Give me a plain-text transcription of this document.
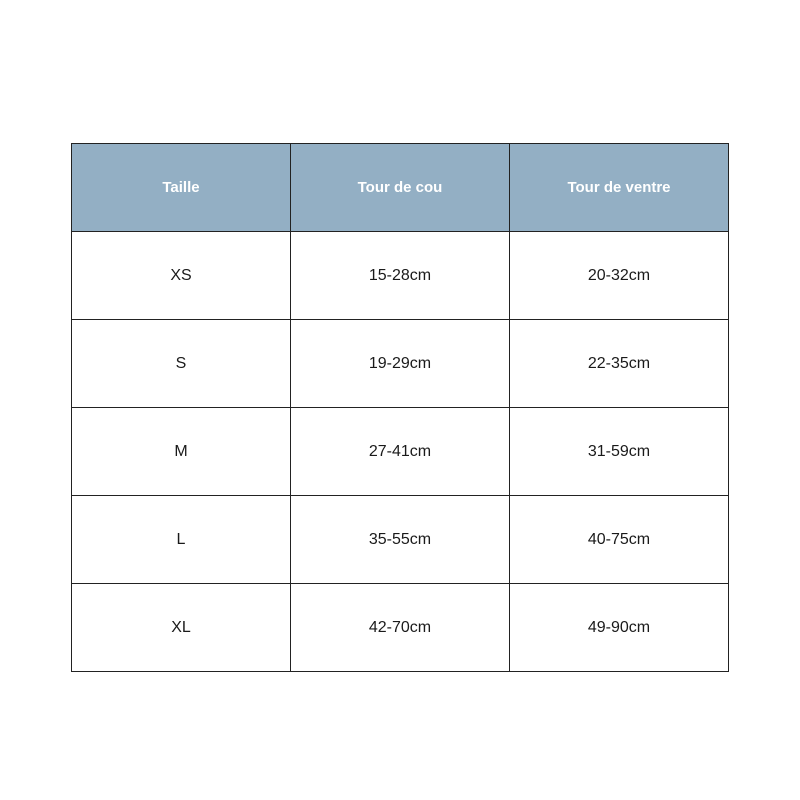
Taille	Tour de cou	Tour de ventre
XS	15-28cm	20-32cm
S	19-29cm	22-35cm
M	27-41cm	31-59cm
L	35-55cm	40-75cm
XL	42-70cm	49-90cm
